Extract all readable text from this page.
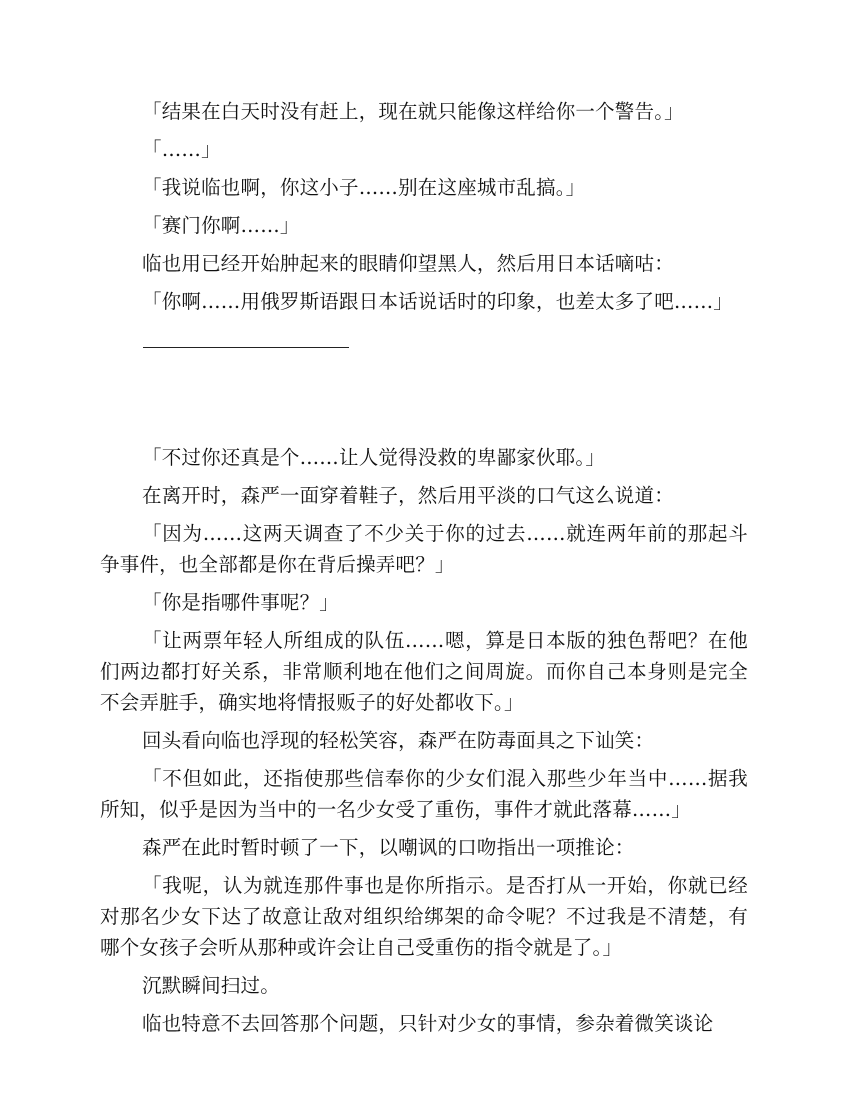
「结果在白天时没有赶上，现在就只能像这样给你一个警告。」

「……」

「我说临也啊，你这小子……别在这座城市乱搞。」

「赛门你啊……」

临也用已经开始肿起来的眼睛仰望黑人，然后用日本话嘀咕：

「你啊……用俄罗斯语跟日本话说话时的印象，也差太多了吧……」

「不过你还真是个……让人觉得没救的卑鄙家伙耶。」

在离开时，森严一面穿着鞋子，然后用平淡的口气这么说道：

「因为……这两天调查了不少关于你的过去……就连两年前的那起斗争事件，也全部都是你在背后操弄吧？」

「你是指哪件事呢？」

「让两票年轻人所组成的队伍……嗯，算是日本版的独色帮吧？在他们两边都打好关系，非常顺利地在他们之间周旋。而你自己本身则是完全不会弄脏手，确实地将情报贩子的好处都收下。」

回头看向临也浮现的轻松笑容，森严在防毒面具之下讪笑：

「不但如此，还指使那些信奉你的少女们混入那些少年当中……据我所知，似乎是因为当中的一名少女受了重伤，事件才就此落幕……」

森严在此时暂时顿了一下，以嘲讽的口吻指出一项推论：

「我呢，认为就连那件事也是你所指示。是否打从一开始，你就已经对那名少女下达了故意让敌对组织给绑架的命令呢？不过我是不清楚，有哪个女孩子会听从那种或许会让自己受重伤的指令就是了。」

沉默瞬间扫过。

临也特意不去回答那个问题，只针对少女的事情，参杂着微笑谈论
